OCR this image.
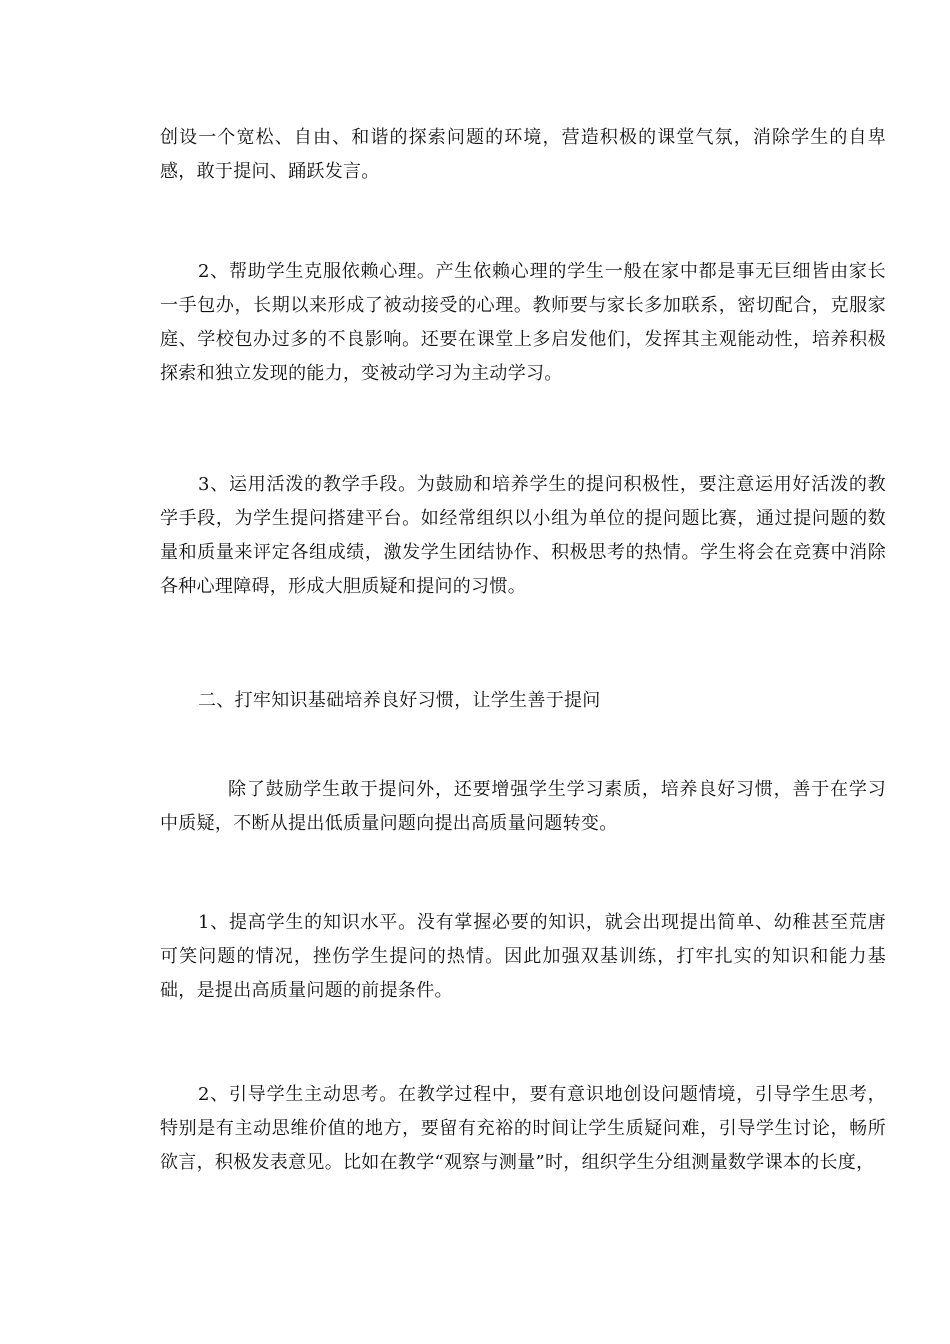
创设一个宽松、自由、和谐的探索问题的环境，营造积极的课堂气氛，消除学生的自卑感，敢于提问、踊跃发言。

2、帮助学生克服依赖心理。产生依赖心理的学生一般在家中都是事无巨细皆由家长一手包办，长期以来形成了被动接受的心理。教师要与家长多加联系，密切配合，克服家庭、学校包办过多的不良影响。还要在课堂上多启发他们，发挥其主观能动性，培养积极探索和独立发现的能力，变被动学习为主动学习。

3、运用活泼的教学手段。为鼓励和培养学生的提问积极性，要注意运用好活泼的教学手段，为学生提问搭建平台。如经常组织以小组为单位的提问题比赛，通过提问题的数量和质量来评定各组成绩，激发学生团结协作、积极思考的热情。学生将会在竞赛中消除各种心理障碍，形成大胆质疑和提问的习惯。

二、打牢知识基础培养良好习惯，让学生善于提问

除了鼓励学生敢于提问外，还要增强学生学习素质，培养良好习惯，善于在学习中质疑，不断从提出低质量问题向提出高质量问题转变。

1、提高学生的知识水平。没有掌握必要的知识，就会出现提出简单、幼稚甚至荒唐可笑问题的情况，挫伤学生提问的热情。因此加强双基训练，打牢扎实的知识和能力基础，是提出高质量问题的前提条件。

2、引导学生主动思考。在教学过程中，要有意识地创设问题情境，引导学生思考，特别是有主动思维价值的地方，要留有充裕的时间让学生质疑问难，引导学生讨论，畅所欲言，积极发表意见。比如在教学“观察与测量”时，组织学生分组测量数学课本的长度，
